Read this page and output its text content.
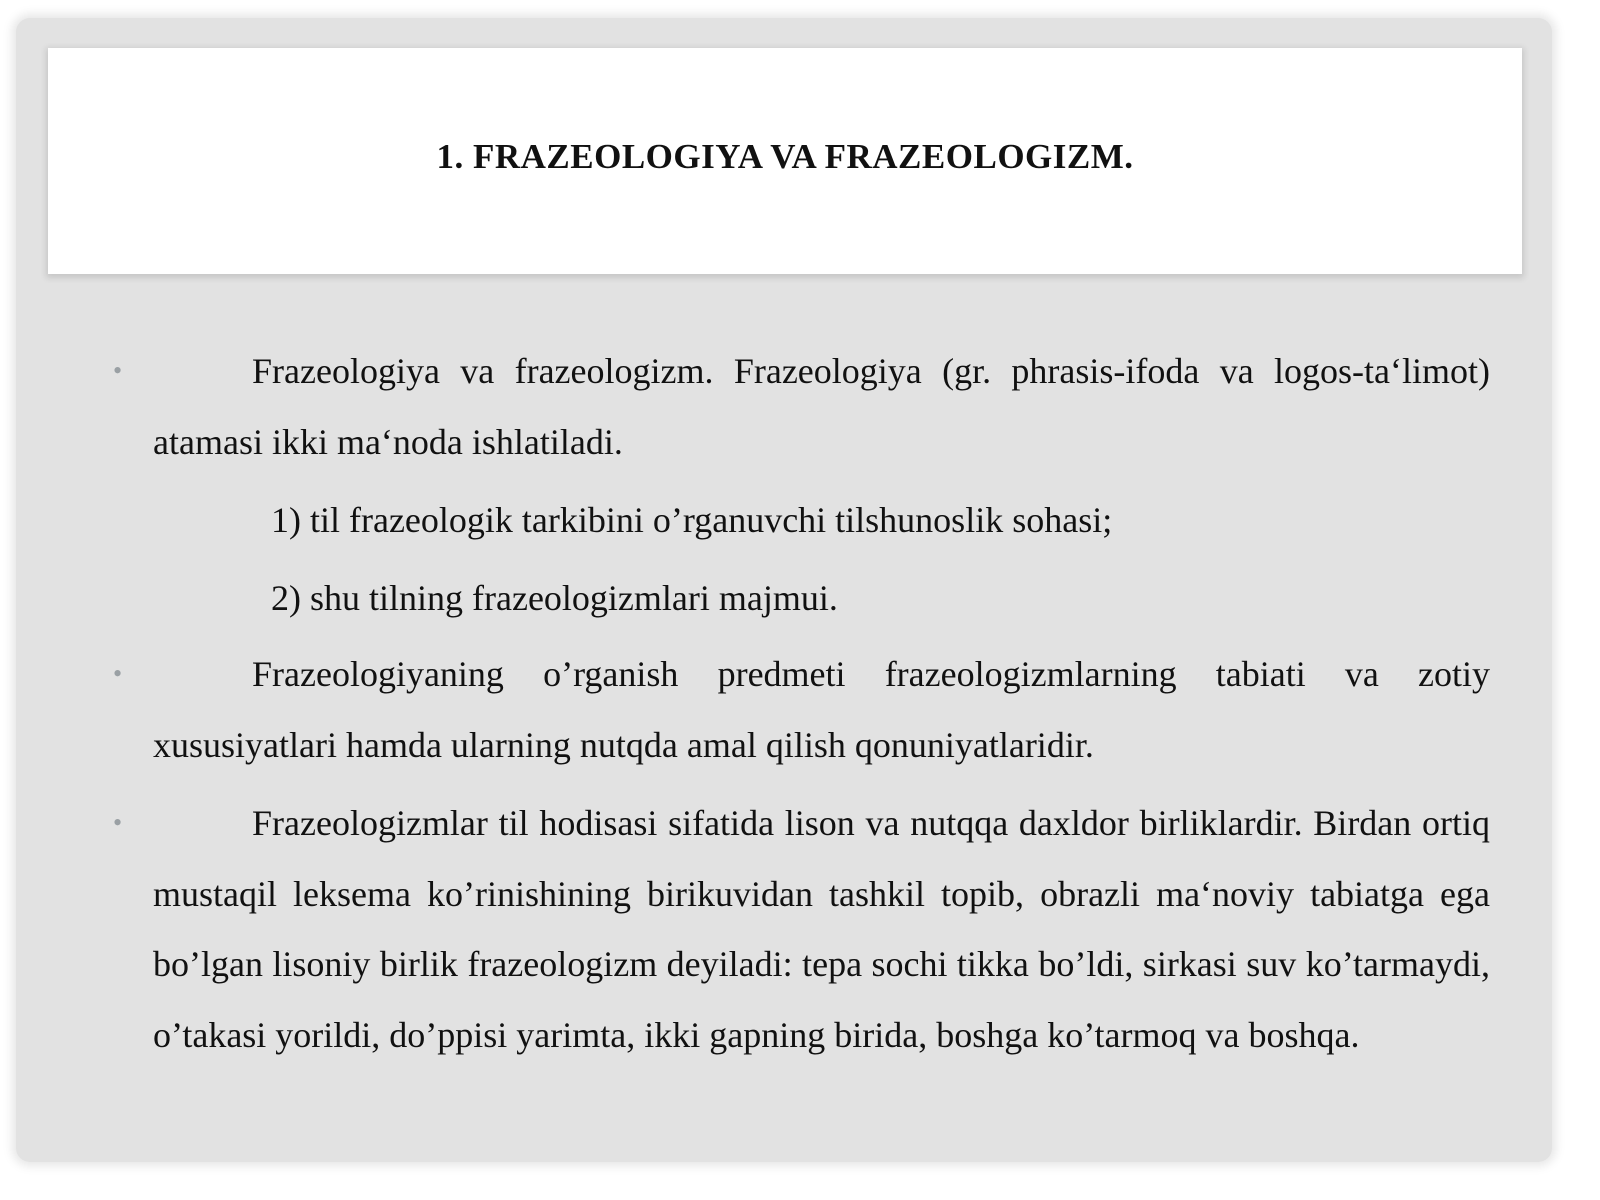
1. FRAZEOLOGIYA VA FRAZEOLOGIZM.
•	Frazeologiya va frazeologizm. Frazeologiya (gr. phrasis-ifoda va logos-ta‘limot) atamasi ikki ma‘noda ishlatiladi.
1) til frazeologik tarkibini o’rganuvchi tilshunoslik sohasi;
2) shu tilning frazeologizmlari majmui.
•	Frazeologiyaning o’rganish predmeti frazeologizmlarning tabiati va zotiy xususiyatlari hamda ularning nutqda amal qilish qonuniyatlaridir.
•	Frazeologizmlar til hodisasi sifatida lison va nutqqa daxldor birliklardir. Birdan ortiq mustaqil leksema ko’rinishining birikuvidan tashkil topib, obrazli ma‘noviy tabiatga ega bo’lgan lisoniy birlik frazeologizm deyiladi: tepa sochi tikka bo’ldi, sirkasi suv ko’tarmaydi, o’takasi yorildi, do’ppisi yarimta, ikki gapning birida, boshga ko’tarmoq va boshqa.
